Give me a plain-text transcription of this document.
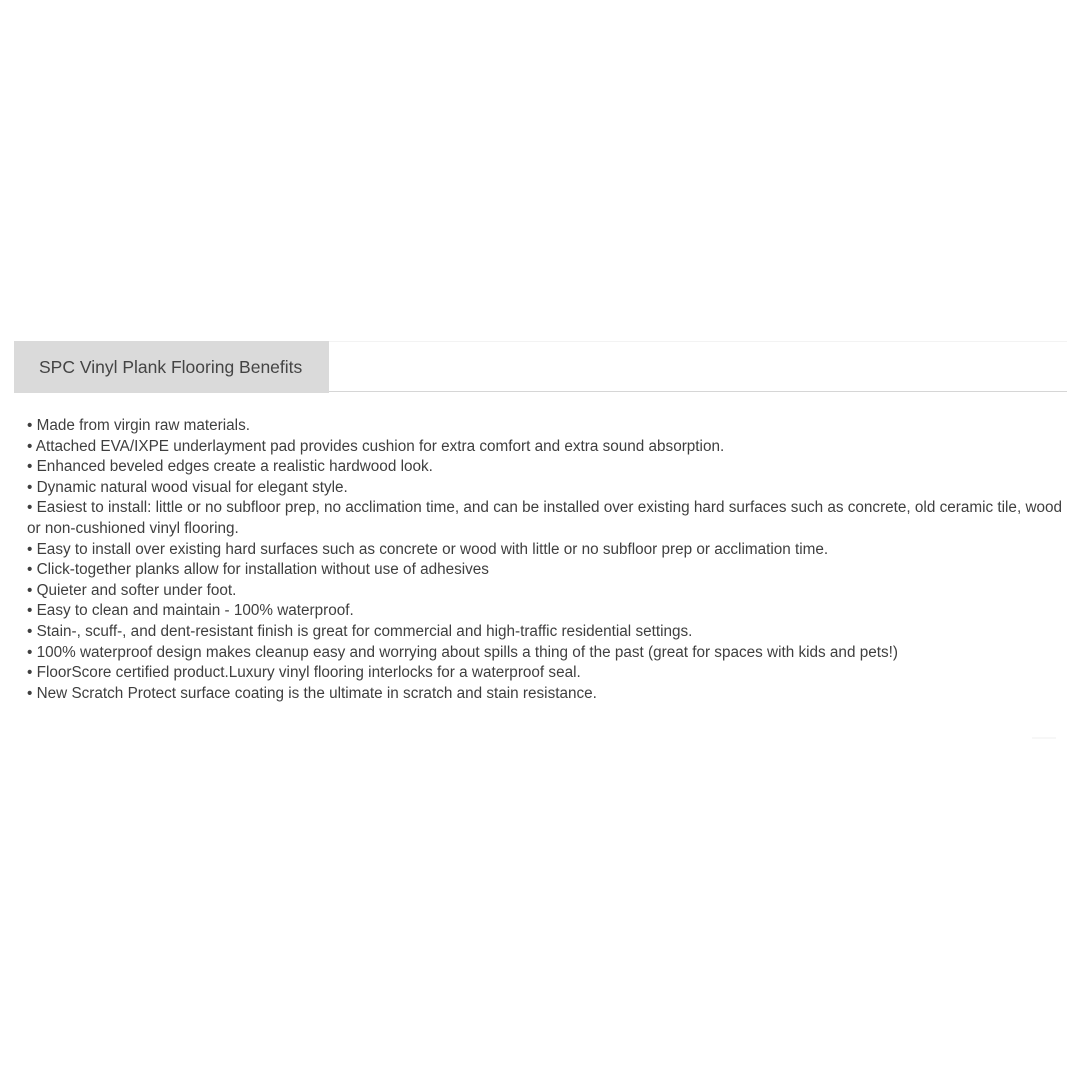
SPC Vinyl Plank Flooring Benefits
• Made from virgin raw materials.
• Attached EVA/IXPE underlayment pad provides cushion for extra comfort and extra sound absorption.
• Enhanced beveled edges create a realistic hardwood look.
• Dynamic natural wood visual for elegant style.
• Easiest to install: little or no subfloor prep, no acclimation time, and can be installed over existing hard surfaces such as concrete, old ceramic tile, wood or non-cushioned vinyl flooring.
• Easy to install over existing hard surfaces such as concrete or wood with little or no subfloor prep or acclimation time.
• Click-together planks allow for installation without use of adhesives
• Quieter and softer under foot.
• Easy to clean and maintain - 100% waterproof.
• Stain-, scuff-, and dent-resistant finish is great for commercial and high-traffic residential settings.
• 100% waterproof design makes cleanup easy and worrying about spills a thing of the past (great for spaces with kids and pets!)
• FloorScore certified product.Luxury vinyl flooring interlocks for a waterproof seal.
• New Scratch Protect surface coating is the ultimate in scratch and stain resistance.
